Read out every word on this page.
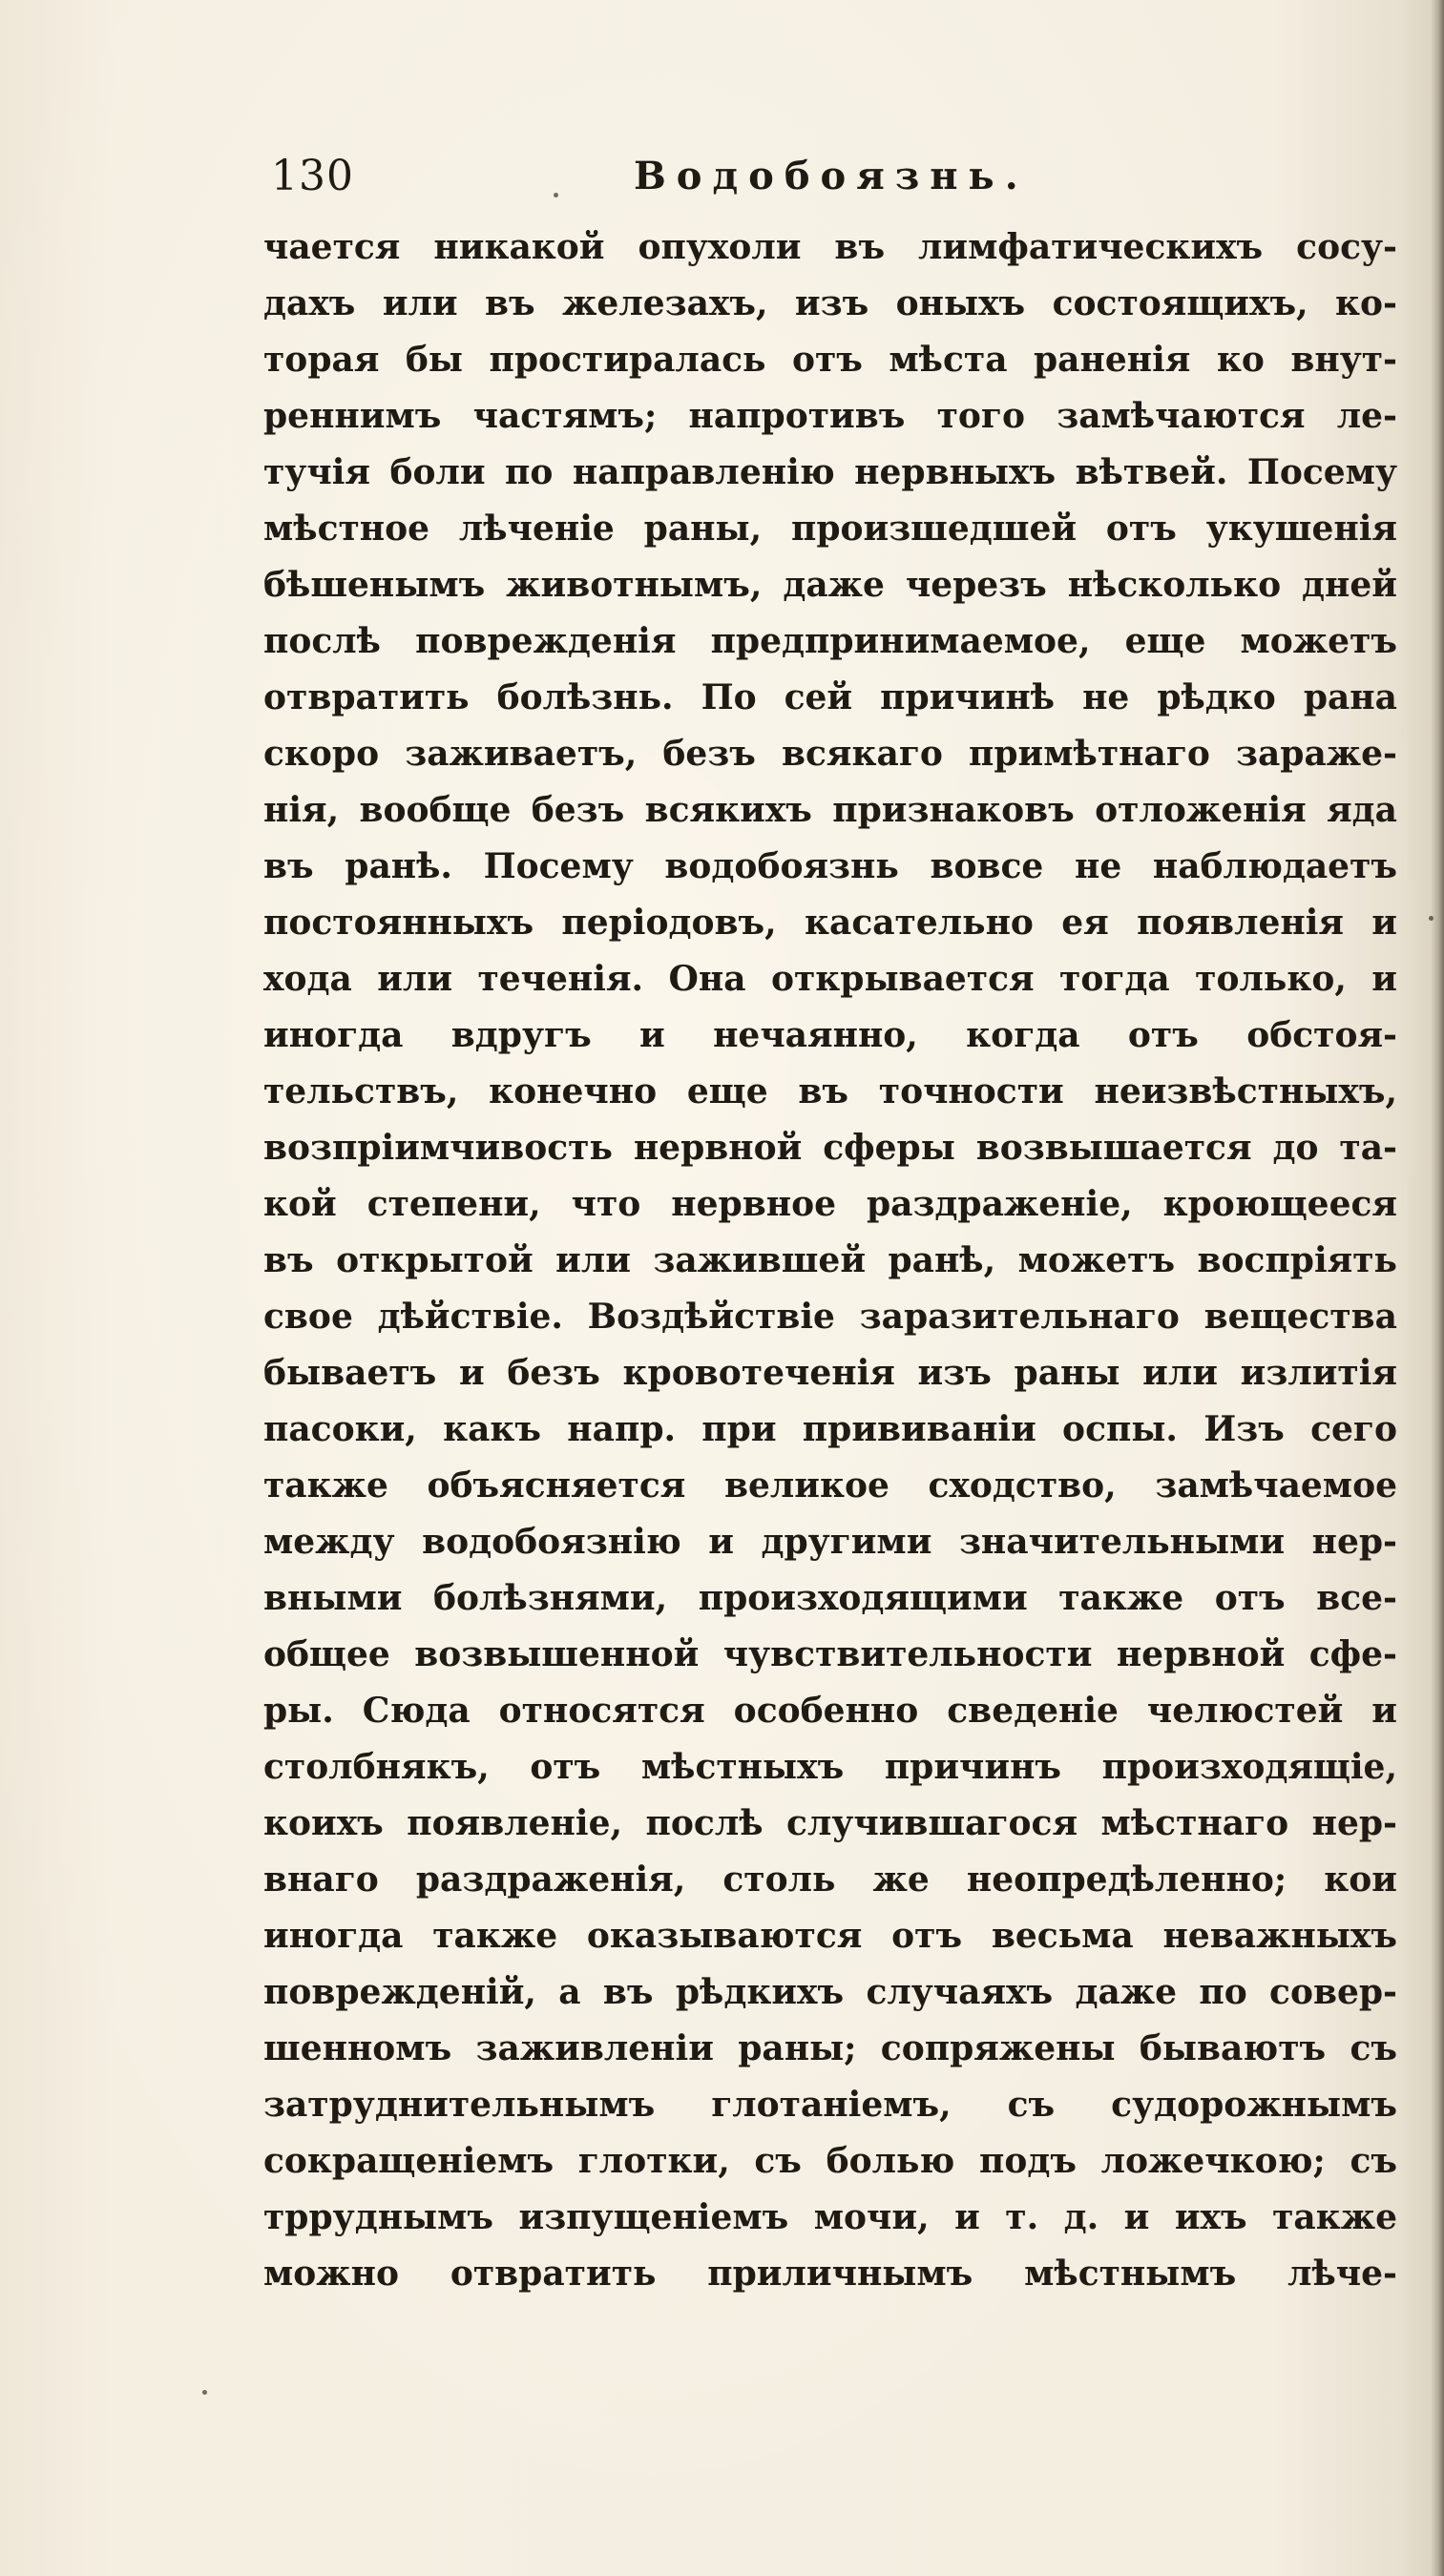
130	Водобоязнь.
чается никакой опухоли въ лимфатическихъ сосу-
дахъ или въ железахъ, изъ оныхъ состоящихъ, ко-
торая бы простиралась отъ мѣста раненія ко внут-
реннимъ частямъ; напротивъ того замѣчаются ле-
тучія боли по направленію нервныхъ вѣтвей. Посему
мѣстное лѣченіе раны, произшедшей отъ укушенія
бѣшенымъ животнымъ, даже черезъ нѣсколько дней
послѣ поврежденія предпринимаемое, еще можетъ
отвратить болѣзнь. По сей причинѣ не рѣдко рана
скоро заживаетъ, безъ всякаго примѣтнаго зараже-
нія, вообще безъ всякихъ признаковъ отложенія яда
въ ранѣ. Посему водобоязнь вовсе не наблюдаетъ
постоянныхъ періодовъ, касательно ея появленія и
хода или теченія. Она открывается тогда только, и
иногда вдругъ и нечаянно, когда отъ обстоя-
тельствъ, конечно еще въ точности неизвѣстныхъ,
возпріимчивость нервной сферы возвышается до та-
кой степени, что нервное раздраженіе, кроющееся
въ открытой или зажившей ранѣ, можетъ воспріять
свое дѣйствіе. Воздѣйствіе заразительнаго вещества
бываетъ и безъ кровотеченія изъ раны или излитія
пасоки, какъ напр. при прививаніи оспы. Изъ сего
также объясняется великое сходство, замѣчаемое
между водобоязнію и другими значительными нер-
вными болѣзнями, произходящими также отъ все-
общее возвышенной чувствительности нервной сфе-
ры. Сюда относятся особенно сведеніе челюстей и
столбнякъ, отъ мѣстныхъ причинъ произходящіе,
коихъ появленіе, послѣ случившагося мѣстнаго нер-
внаго раздраженія, столь же неопредѣленно; кои
иногда также оказываются отъ весьма неважныхъ
поврежденій, а въ рѣдкихъ случаяхъ даже по совер-
шенномъ заживленіи раны; сопряжены бываютъ съ
затруднительнымъ глотаніемъ, съ судорожнымъ
сокращеніемъ глотки, съ болью подъ ложечкою; съ
трруднымъ изпущеніемъ мочи, и т. д. и ихъ также
можно отвратить приличнымъ мѣстнымъ лѣче-
